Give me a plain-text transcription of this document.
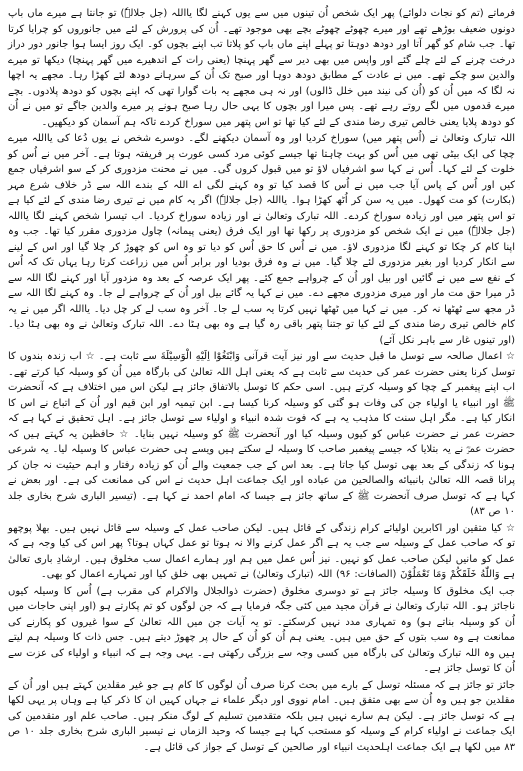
فرماتے (تم کو نجات دلوائے) پھر ایک شخص اُن تینوں میں سے یوں کہنے لگا یااللہ (جل جلالہٗ) تو جانتا ہے میرے ماں باپ دونوں ضعیف بوڑھے تھے اور میرے چھوٹے چھوٹے بچے بھی موجود تھے۔ اُن کی پرورش کے لئے میں جانوروں کو چرایا کرتا تھا۔ جب شام کو گھر آتا اور دودھ دوہتا تو پہلے اپنے ماں باپ کو پلاتا تب اپنے بچوں کو۔ ایک روز ایسا ہوا جانور دور دراز درخت چرنے کے لئے چلے گئے اور واپس میں بھی دیر سے گھر پہنچا (یعنی رات کے اندھیرے میں گھر پہنچا) دیکھا تو میرے والدین سو چکے تھے۔ میں نے عادت کے مطابق دودھ دوہا اور صبح تک اُن کے سرہانے دودھ لئے کھڑا رہا۔ مجھے یہ اچھا نہ لگا کہ میں اُن کو (اُن کی نیند میں خلل ڈالوں) اور نہ ہی مجھے یہ بات گوارا تھی کہ اپنے بچوں کو دودھ پلادوں۔ بچے میرے قدموں میں لگے روتے رہے تھے۔ پس میرا اور بچوں کا یہی حال رہا صبح ہونے پر میرے والدین جاگے تو میں نے اُن کو دودھ پلایا یعنی خالص تیری رضا مندی کے لئے کیا تھا تو اس پتھر میں سوراخ کردے تاکہ ہم آسمان کو دیکھیں۔

اللہ تبارک وتعالیٰ نے (اُس پتھر میں) سوراخ کردیا اور وہ آسمان دیکھنے لگے۔ دوسرے شخص نے یوں دُعا کی یااللہ میرے چچا کی ایک بیٹی تھی میں اُس کو بہت چاہتا تھا جیسے کوئی مرد کسی عورت پر فریفتہ ہوتا ہے۔ آخر میں نے اُس کو خلوت کے لئے کہا۔ اُس نے کہا سو اشرفیاں لاؤ تو میں قبول کروں گی۔ میں نے محنت مزدوری کر کے سو اشرفیاں جمع کیں اور اُس کے پاس آیا جب میں نے اُس کا قصد کیا تو وہ کہنے لگی اے اللہ کے بندے اللہ سے ڈر خلاف شرع مہر (بکارت) کو مت کھول۔ میں یہ سن کر اُٹھ کھڑا ہوا۔ یااللہ (جل جلالہٗ) اگر یہ کام میں نے تیری رضا مندی کے لئے کیا ہے تو اس پتھر میں اور زیادہ سوراخ کردے۔ اللہ تبارک وتعالیٰ نے اور زیادہ سوراخ کردیا۔ اب تیسرا شخص کہنے لگا یااللہ (جل جلالہٗ) میں نے ایک شخص کو مزدوری پر رکھا تھا اور ایک فرق (یعنی پیمانہ) چاول مزدوری مقرر کیا تھا۔ جب وہ اپنا کام کر چکا تو کہنے لگا مزدوری لاؤ۔ میں نے اُس کا حق اُس کو دیا تو وہ اس کو چھوڑ کر چلا گیا اور اس کے لینے سے انکار کردیا اور بغیر مزدوری لئے چلا گیا۔ میں نے وہ فرق بودیا اور برابر اُس میں زراعت کرتا رہا یہاں تک کہ اُس کے نفع سے میں نے گائیں اور بیل اور اُن کے چرواہے جمع کئے۔ پھر ایک عرصہ کے بعد وہ مزدور آیا اور کہنے لگا اللہ سے ڈر میرا حق مت مار اور میری مزدوری مجھے دے۔ میں نے کہا یہ گائے بیل اور اُن کے چرواہے لے جا۔ وہ کہنے لگا اللہ سے ڈر مجھ سے ٹھٹھا نہ کر۔ میں نے کہا میں ٹھٹھا نہیں کرتا یہ سب لے جا۔ آخر وہ سب لے کر چل دیا۔ یااللہ اگر میں نے یہ کام خالص تیری رضا مندی کے لئے کیا تو جتنا پتھر باقی رہ گیا ہے وہ بھی ہٹا دے۔ اللہ تبارک وتعالیٰ نے وہ بھی ہٹا دیا۔ (اور تینوں غار سے باہر نکل آئے)

☆ اعمال صالحہ سے توسل ما قبل حدیث سے اور نیز آیت قرآنی وَابْتَغُوْا اِلَیْهِ الْوَسِیْلَةَ سے ثابت ہے۔ ☆ اب زندہ بندوں کا توسل کرنا یعنی حضرت عمر کی حدیث سے ثابت ہے کہ یعنی اہل اللہ تعالیٰ کی بارگاہ میں اُن کو وسیلہ کیا کرتے تھے۔ اب اپنے پیغمبر کے چچا کو وسیلہ کرتے ہیں۔ اسی حکم کا توسل بالاتفاق جائز ہے لیکن اس میں اختلاف ہے کہ آنحضرت ﷺ اور انبیاء یا اولیاء جن کی وفات ہو گئی کو وسیلہ کرنا کیسا ہے۔ ابن تیمیہ اور ابن قیم اور اُن کے اتباع نے اس کا انکار کیا ہے۔ مگر اہل سنت کا مذہب یہ ہے کہ فوت شدہ انبیاء و اولیاء سے توسل جائز ہے۔ اہل تحقیق نے کہا ہے کہ حضرت عمر نے حضرت عباس کو کیوں وسیلہ کیا اور آنحضرت ﷺ کو وسیلہ نہیں بنایا۔ ☆ حافظین یہ کہتے ہیں کہ حضرت عمرؓ نے یہ بتلایا کہ جیسے پیغمبر صاحب کا وسیلہ لے سکتے ہیں ویسے ہی حضرت عباس کا وسیلہ لیا۔ یہ شرعی ہونا کہ زندگی کے بعد بھی توسل کیا جاتا ہے۔ بعد اس کے جب جمعیت والے اُن کو زیادہ رفتار و اہم حیثیت نہ جان کر پرانا قصہ اللہ تعالیٰ بانبیائه والصالحین من عباده اور ایک جماعت اہل حدیث نے اس کی ممانعت کی ہے۔ اور بعض نے کہا ہے کہ توسل صرف آنحضرت ﷺ کے ساتھ جائز ہے جیسا کہ امام احمد نے کہا ہے۔ (تیسیر الباری شرح بخاری جلد ۱۰ ص ۸۳)

☆ کیا متقین اور اکابرین اولیائے کرام زندگی کے قائل ہیں۔ لیکن صاحب عمل کے وسیلہ سے قائل نہیں ہیں۔ بھلا پوچھو تو کہ صاحب عمل کے وسیلہ سے جب یہ ہے اگر عمل کرنے والا نہ ہوتا تو عمل کہاں ہوتا؟ پھر اس کی کیا وجہ ہے کہ عمل کو مانیں لیکن صاحب عمل کو نہیں۔ نیز اُس عمل میں ہم اور ہمارے اعمال سب مخلوق ہیں۔ ارشادِ باری تعالیٰ ہے وَاللّٰهُ خَلَقَكُمْ وَمَا تَعْمَلُوْنَ (الصافات: ۹۶) اللہ (تبارک وتعالیٰ) نے تمہیں بھی خلق کیا اور تمہارے اعمال کو بھی۔

جب ایک مخلوق کا وسیلہ جائز ہے تو دوسری مخلوق (حضرت ذوالجلال والاکرام کی مقرب ہے) اُس کا وسیلہ کیوں ناجائز ہو۔ اللہ تبارک وتعالیٰ نے قرآن مجید میں کئی جگہ فرمایا ہے کہ جن لوگوں کو تم پکارتے ہو (اور اپنی حاجات میں اُن کو وسیلہ بناتے ہو) وہ تمہاری مدد نہیں کرسکتے۔ تو یہ آیات جن میں اللہ تعالیٰ کے سوا غیروں کو پکارنے کی ممانعت ہے وہ سب بتوں کے حق میں ہیں۔ یعنی ہم اُن کو اُن کے حال پر چھوڑ دیتے ہیں۔ جس ذات کا وسیلہ ہم لیتے ہیں وہ اللہ تبارک وتعالیٰ کی بارگاہ میں کسی وجہ سے بزرگی رکھتی ہے۔ یہی وجہ ہے کہ انبیاء و اولیاء کی عزت سے اُن کا توسل جائز ہے۔

جائز تو جائز ہے کہ مسئلہ توسل کے بارے میں بحث کرنا صرف اُن لوگوں کا کام ہے جو غیر مقلدین کہتے ہیں اور اُن کے مقلدین جو ہیں وہ اُن سے بھی متفق ہیں۔ امام نووی اور دیگر علماء نے جہاں کہیں ان کا ذکر کیا ہے وہاں پر یہی لکھا ہے کہ توسل جائز ہے۔ لیکن ہم سارے نہیں ہیں بلکہ متقدمین تسلیم کے لوگ منکر ہیں۔ صاحب علم اور متقدمین کی ایک جماعت نے اولیاء کرام کے وسیلہ کو مستحب کہا ہے جیسا کہ وحید الزماں نے تیسیر الباری شرح بخاری جلد ۱۰ ص ۸۳ میں لکھا ہے ایک جماعت اہلحدیث انبیاء اور صالحین کے توسل کے جواز کی قائل ہے۔
